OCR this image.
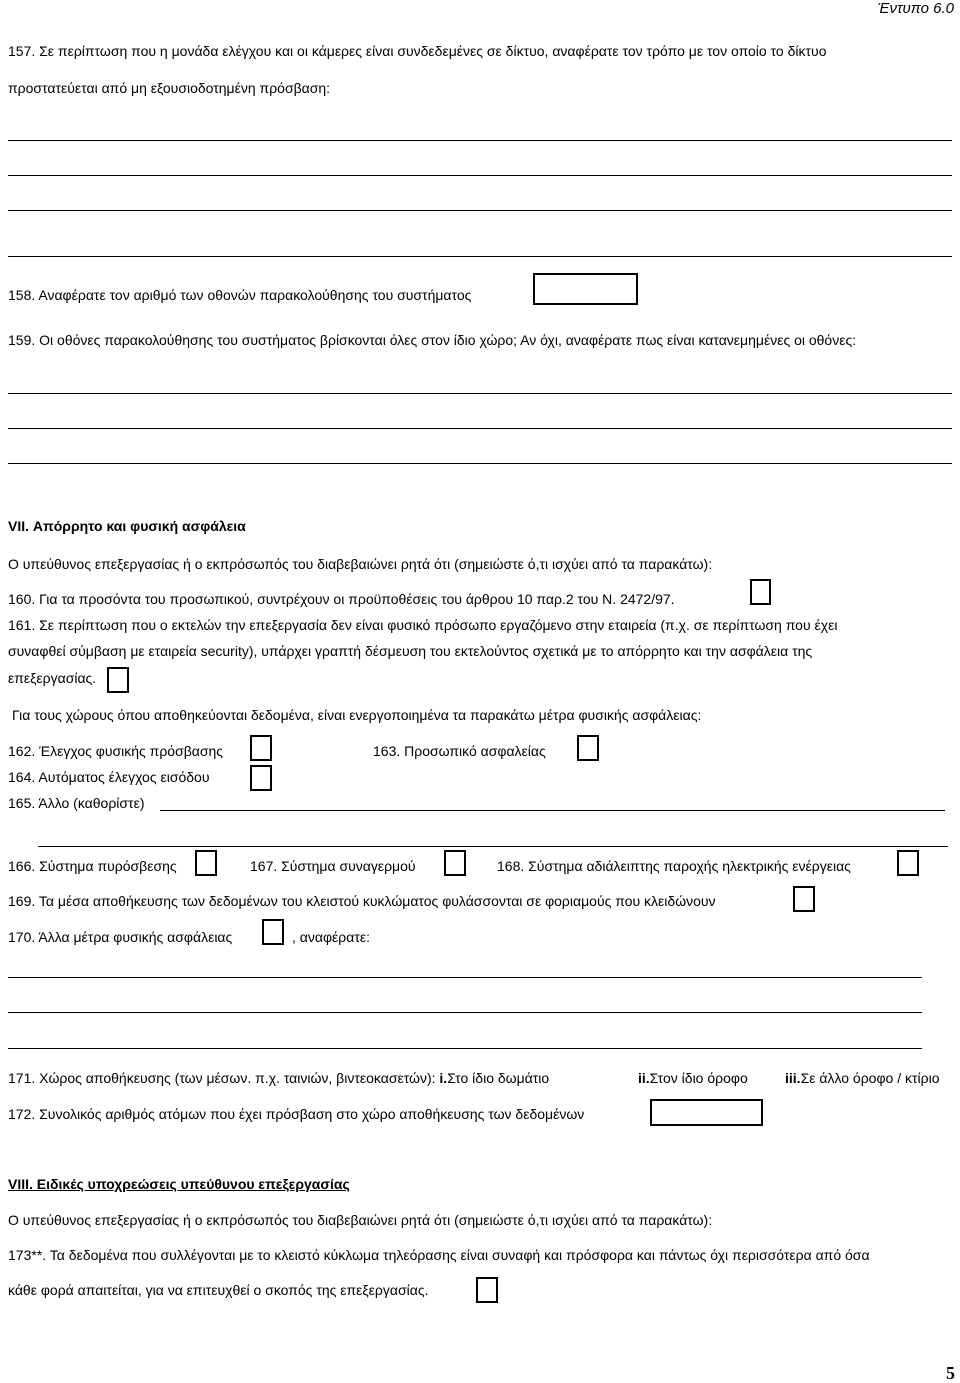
Έντυπο 6.0
157. Σε περίπτωση που η μονάδα ελέγχου και οι κάμερες είναι συνδεδεμένες σε δίκτυο, αναφέρατε τον τρόπο με τον οποίο το δίκτυο
προστατεύεται από μη εξουσιοδοτημένη πρόσβαση:
158. Αναφέρατε τον αριθμό των οθονών παρακολούθησης του συστήματος
159. Οι οθόνες παρακολούθησης του συστήματος βρίσκονται όλες στον ίδιο χώρο; Αν όχι, αναφέρατε πως είναι κατανεμημένες οι οθόνες:
VII. Απόρρητο και φυσική ασφάλεια
Ο υπεύθυνος επεξεργασίας ή ο εκπρόσωπός του διαβεβαιώνει ρητά ότι (σημειώστε ό,τι ισχύει από τα παρακάτω):
160. Για τα προσόντα του προσωπικού, συντρέχουν οι προϋποθέσεις του άρθρου 10 παρ.2 του Ν. 2472/97.
161. Σε περίπτωση που ο εκτελών την επεξεργασία δεν είναι φυσικό πρόσωπο εργαζόμενο στην εταιρεία (π.χ. σε περίπτωση που έχει
συναφθεί σύμβαση με εταιρεία security), υπάρχει γραπτή δέσμευση του εκτελούντος σχετικά με το απόρρητο και την ασφάλεια της
επεξεργασίας.
Για τους χώρους όπου αποθηκεύονται δεδομένα, είναι ενεργοποιημένα τα παρακάτω μέτρα φυσικής ασφάλειας:
162. Έλεγχος φυσικής πρόσβασης	163. Προσωπικό ασφαλείας
164. Αυτόματος έλεγχος εισόδου
165. Άλλο (καθορίστε)
166. Σύστημα πυρόσβεσης	167. Σύστημα συναγερμού	168. Σύστημα αδιάλειπτης παροχής ηλεκτρικής ενέργειας
169. Τα μέσα αποθήκευσης των δεδομένων του κλειστού κυκλώματος φυλάσσονται σε φοριαμούς που κλειδώνουν
170. Άλλα μέτρα φυσικής ασφάλειας	, αναφέρατε:
171. Χώρος αποθήκευσης (των μέσων. π.χ. ταινιών, βιντεοκασετών): i.Στο ίδιο δωμάτιο	ii.Στον ίδιο όροφο	iii.Σε άλλο όροφο / κτίριο
172. Συνολικός αριθμός ατόμων που έχει πρόσβαση στο χώρο αποθήκευσης των δεδομένων
VIII. Ειδικές υποχρεώσεις υπεύθυνου επεξεργασίας
Ο υπεύθυνος επεξεργασίας ή ο εκπρόσωπός του διαβεβαιώνει ρητά ότι (σημειώστε ό,τι ισχύει από τα παρακάτω):
173**. Τα δεδομένα που συλλέγονται με το κλειστό κύκλωμα τηλεόρασης είναι συναφή και πρόσφορα και πάντως όχι περισσότερα από όσα
κάθε φορά απαιτείται, για να επιτευχθεί ο σκοπός της επεξεργασίας.
5
